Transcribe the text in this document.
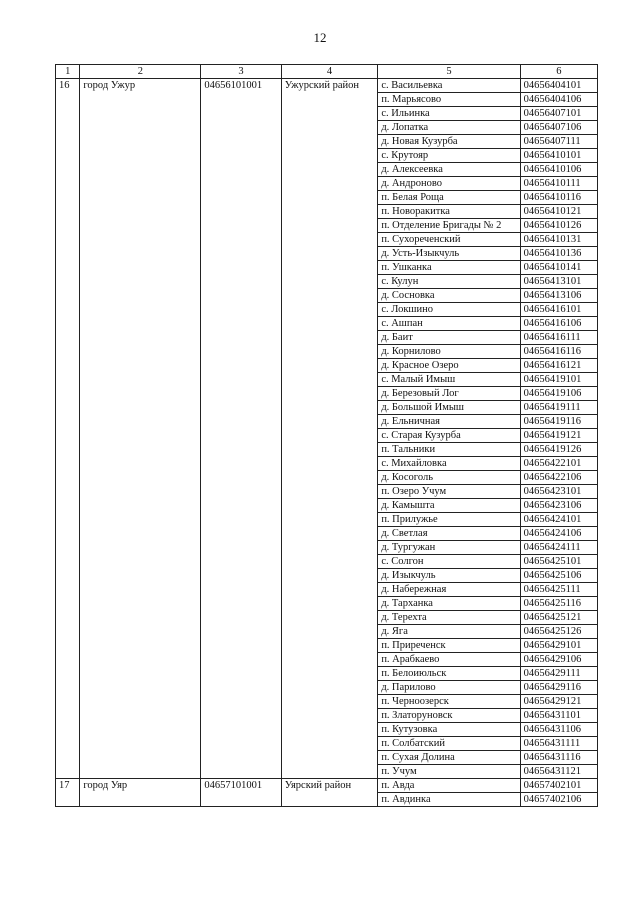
12
1	2	3	4	5	6
16	город Ужур	04656101001	Ужурский район	с. Васильевка	04656404101
				п. Марьясово	04656404106
				с. Ильинка	04656407101
				д. Лопатка	04656407106
				д. Новая Кузурба	04656407111
				с. Крутояр	04656410101
				д. Алексеевка	04656410106
				д. Андроново	04656410111
				п. Белая Роща	04656410116
				п. Новоракитка	04656410121
				п. Отделение Бригады № 2	04656410126
				п. Сухореченский	04656410131
				д. Усть-Изыкчуль	04656410136
				п. Ушканка	04656410141
				с. Кулун	04656413101
				д. Сосновка	04656413106
				с. Локшино	04656416101
				с. Ашпан	04656416106
				д. Баит	04656416111
				д. Корнилово	04656416116
				д. Красное Озеро	04656416121
				с. Малый Имыш	04656419101
				д. Березовый Лог	04656419106
				д. Большой Имыш	04656419111
				д. Ельничная	04656419116
				с. Старая Кузурба	04656419121
				п. Тальники	04656419126
				с. Михайловка	04656422101
				д. Косоголь	04656422106
				п. Озеро Учум	04656423101
				д. Камышта	04656423106
				п. Прилужье	04656424101
				д. Светлая	04656424106
				д. Тургужан	04656424111
				с. Солгон	04656425101
				д. Изыкчуль	04656425106
				д. Набережная	04656425111
				д. Тарханка	04656425116
				д. Терехта	04656425121
				д. Яга	04656425126
				п. Приреченск	04656429101
				п. Арабкаево	04656429106
				п. Белоиюльск	04656429111
				д. Парилово	04656429116
				п. Черноозерск	04656429121
				п. Златоруновск	04656431101
				п. Кутузовка	04656431106
				п. Солбатский	04656431111
				п. Сухая Долина	04656431116
				п. Учум	04656431121
17	город Уяр	04657101001	Уярский район	п. Авда	04657402101
				п. Авдинка	04657402106
